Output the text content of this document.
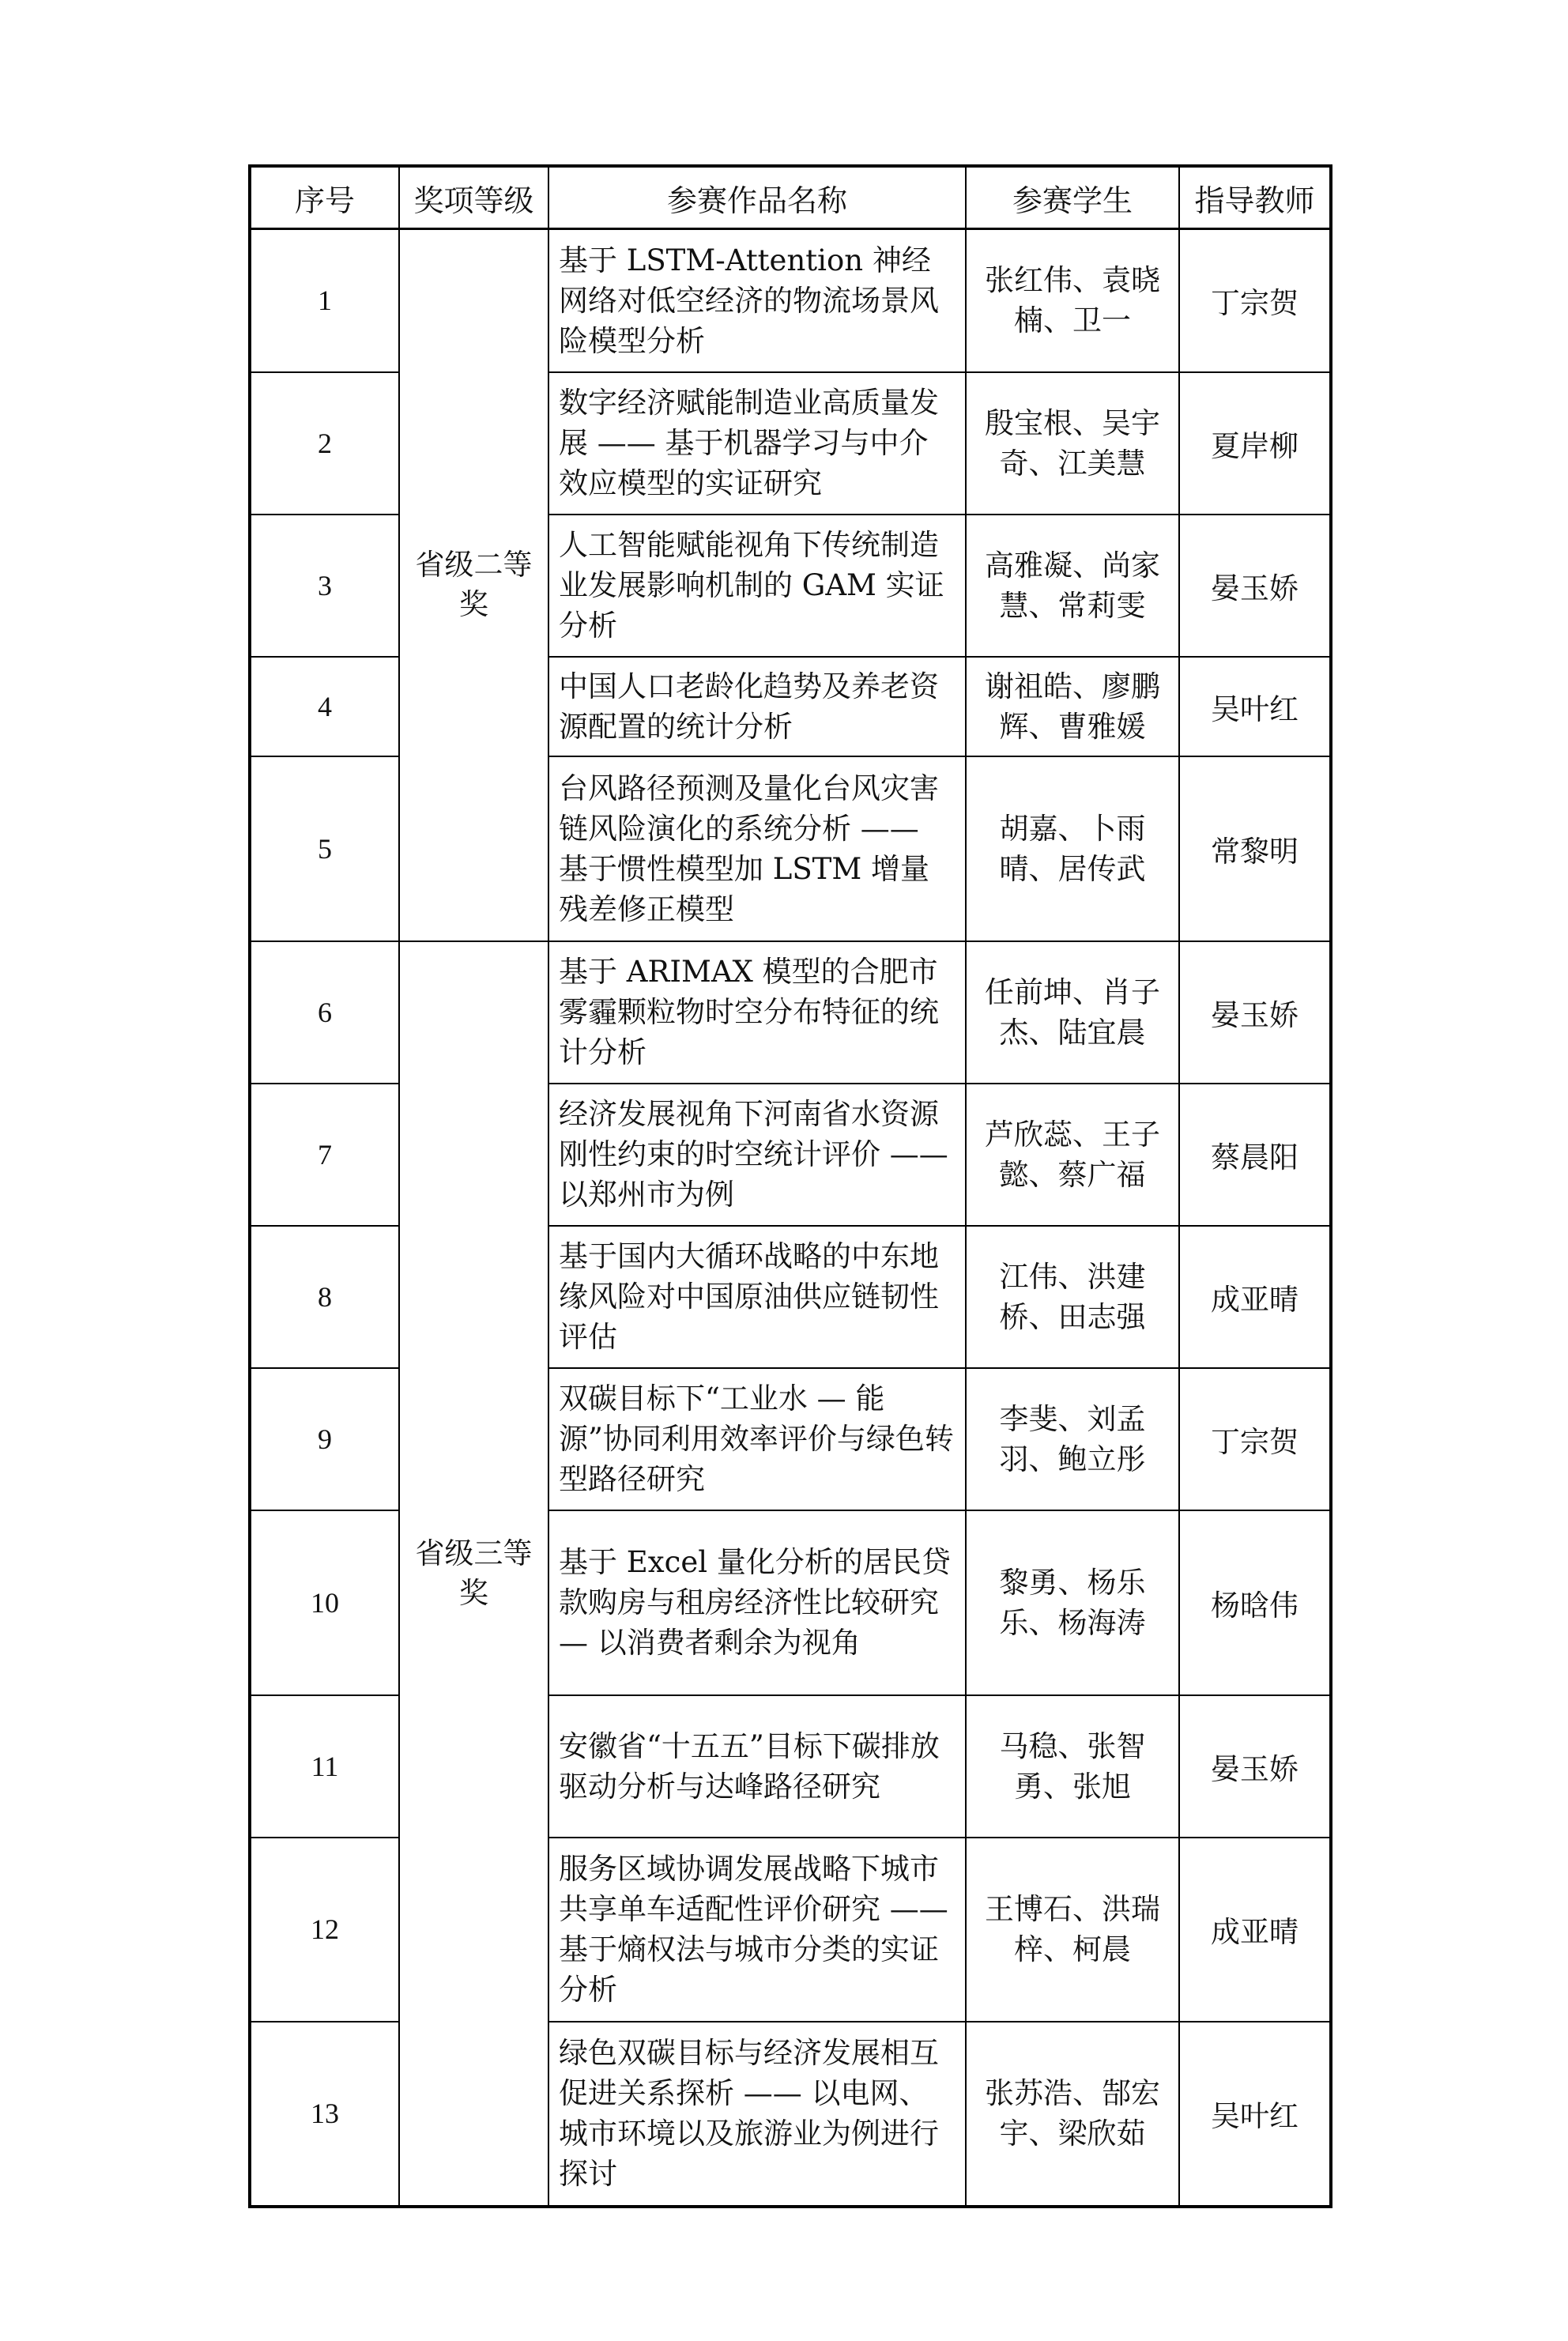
序号	奖项等级	参赛作品名称	参赛学生	指导教师
1	省级二等奖	基于 LSTM-Attention 神经网络对低空经济的物流场景风险模型分析	张红伟、袁晓楠、卫一	丁宗贺
2		数字经济赋能制造业高质量发展 —— 基于机器学习与中介效应模型的实证研究	殷宝根、吴宇奇、江美慧	夏岸柳
3		人工智能赋能视角下传统制造业发展影响机制的 GAM 实证分析	高雅凝、尚家慧、常莉雯	晏玉娇
4		中国人口老龄化趋势及养老资源配置的统计分析	谢祖皓、廖鹏辉、曹雅媛	吴叶红
5		台风路径预测及量化台风灾害链风险演化的系统分析 —— 基于惯性模型加 LSTM 增量残差修正模型	胡嘉、卜雨晴、居传武	常黎明
6	省级三等奖	基于 ARIMAX 模型的合肥市雾霾颗粒物时空分布特征的统计分析	任前坤、肖子杰、陆宜晨	晏玉娇
7		经济发展视角下河南省水资源刚性约束的时空统计评价 —— 以郑州市为例	芦欣蕊、王子懿、蔡广福	蔡晨阳
8		基于国内大循环战略的中东地缘风险对中国原油供应链韧性评估	江伟、洪建桥、田志强	成亚晴
9		双碳目标下“工业水 — 能源”协同利用效率评价与绿色转型路径研究	李斐、刘孟羽、鲍立彤	丁宗贺
10		基于 Excel 量化分析的居民贷款购房与租房经济性比较研究 — 以消费者剩余为视角	黎勇、杨乐乐、杨海涛	杨晗伟
11		安徽省“十五五”目标下碳排放驱动分析与达峰路径研究	马稳、张智勇、张旭	晏玉娇
12		服务区域协调发展战略下城市共享单车适配性评价研究 —— 基于熵权法与城市分类的实证分析	王博石、洪瑞梓、柯晨	成亚晴
13		绿色双碳目标与经济发展相互促进关系探析 —— 以电网、城市环境以及旅游业为例进行探讨	张苏浩、郜宏宇、梁欣茹	吴叶红
